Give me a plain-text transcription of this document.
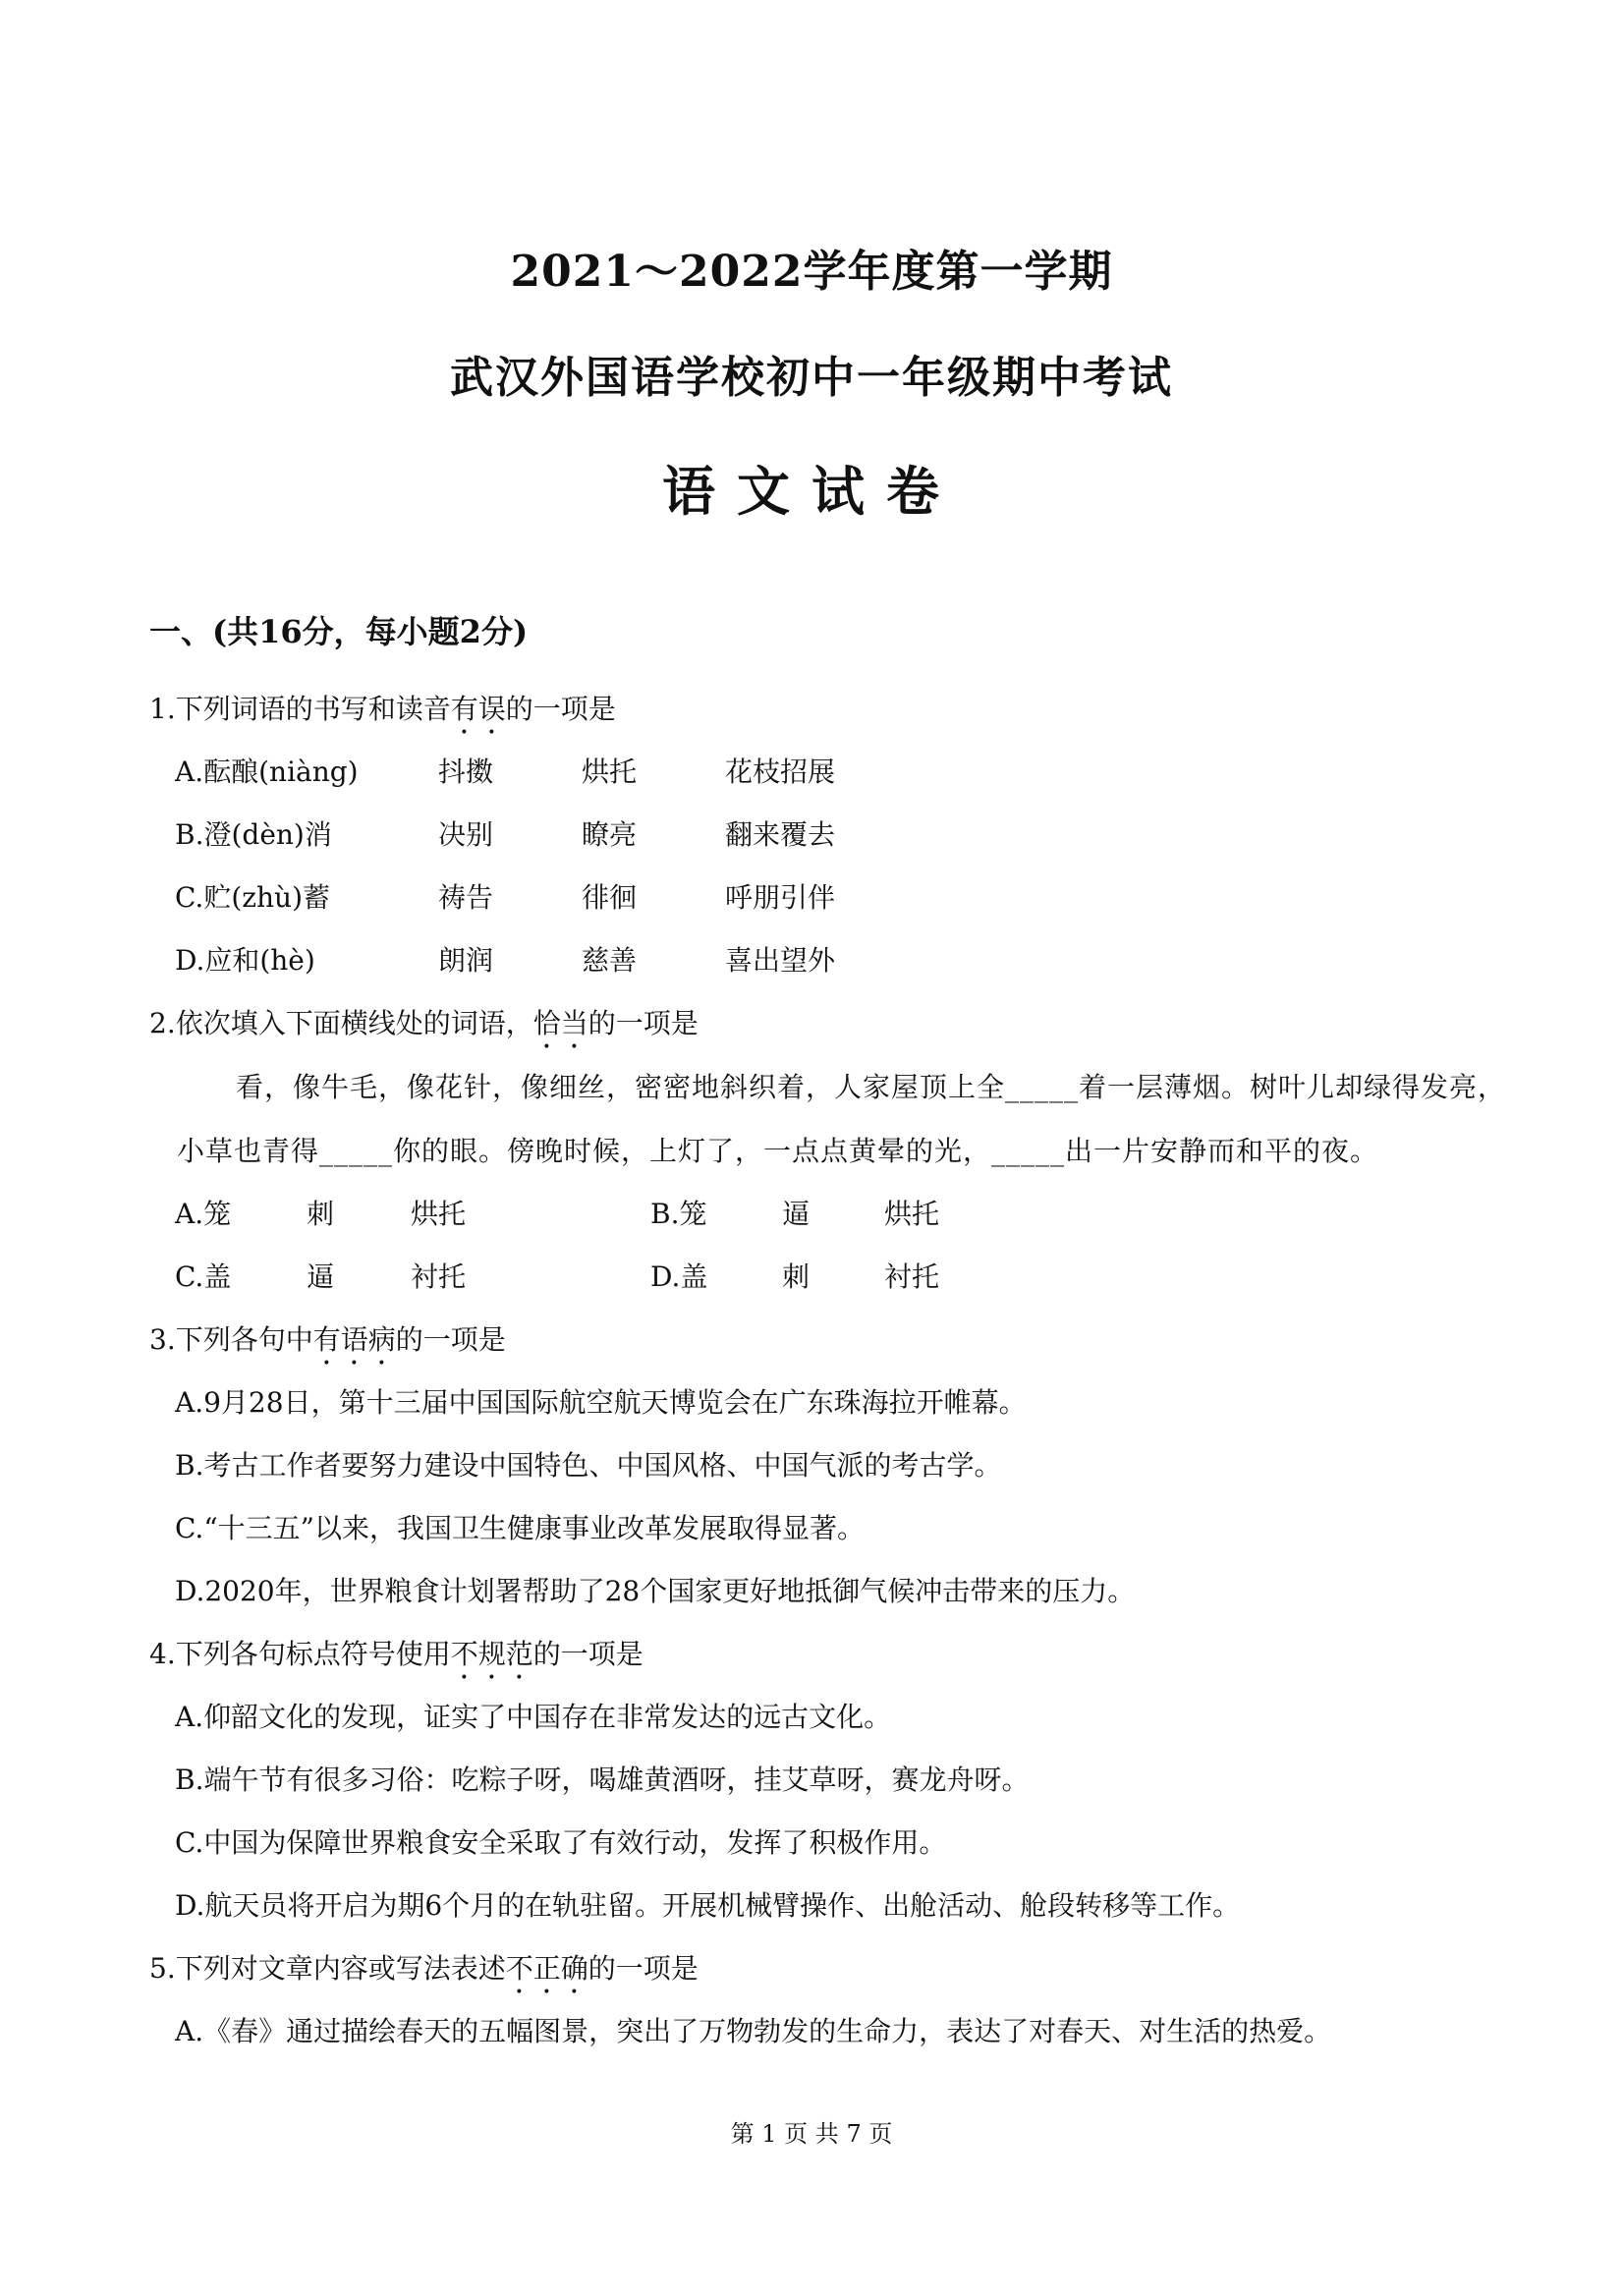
2021～2022学年度第一学期
武汉外国语学校初中一年级期中考试
语文试卷
一、(共16分，每小题2分)
1.下列词语的书写和读音有误的一项是
A.酝酿(niàng)	抖擞	烘托	花枝招展
B.澄(dèn)消	决别	瞭亮	翻来覆去
C.贮(zhù)蓄	祷告	徘徊	呼朋引伴
D.应和(hè)	朗润	慈善	喜出望外
2.依次填入下面横线处的词语，恰当的一项是
看，像牛毛，像花针，像细丝，密密地斜织着，人家屋顶上全_____着一层薄烟。树叶儿却绿得发亮，
小草也青得_____你的眼。傍晚时候，上灯了，一点点黄晕的光，_____出一片安静而和平的夜。
A.笼	刺	烘托	B.笼	逼	烘托
C.盖	逼	衬托	D.盖	刺	衬托
3.下列各句中有语病的一项是
A.9月28日，第十三届中国国际航空航天博览会在广东珠海拉开帷幕。
B.考古工作者要努力建设中国特色、中国风格、中国气派的考古学。
C.“十三五”以来，我国卫生健康事业改革发展取得显著。
D.2020年，世界粮食计划署帮助了28个国家更好地抵御气候冲击带来的压力。
4.下列各句标点符号使用不规范的一项是
A.仰韶文化的发现，证实了中国存在非常发达的远古文化。
B.端午节有很多习俗：吃粽子呀，喝雄黄酒呀，挂艾草呀，赛龙舟呀。
C.中国为保障世界粮食安全采取了有效行动，发挥了积极作用。
D.航天员将开启为期6个月的在轨驻留。开展机械臂操作、出舱活动、舱段转移等工作。
5.下列对文章内容或写法表述不正确的一项是
A.《春》通过描绘春天的五幅图景，突出了万物勃发的生命力，表达了对春天、对生活的热爱。
第 1 页 共 7 页
